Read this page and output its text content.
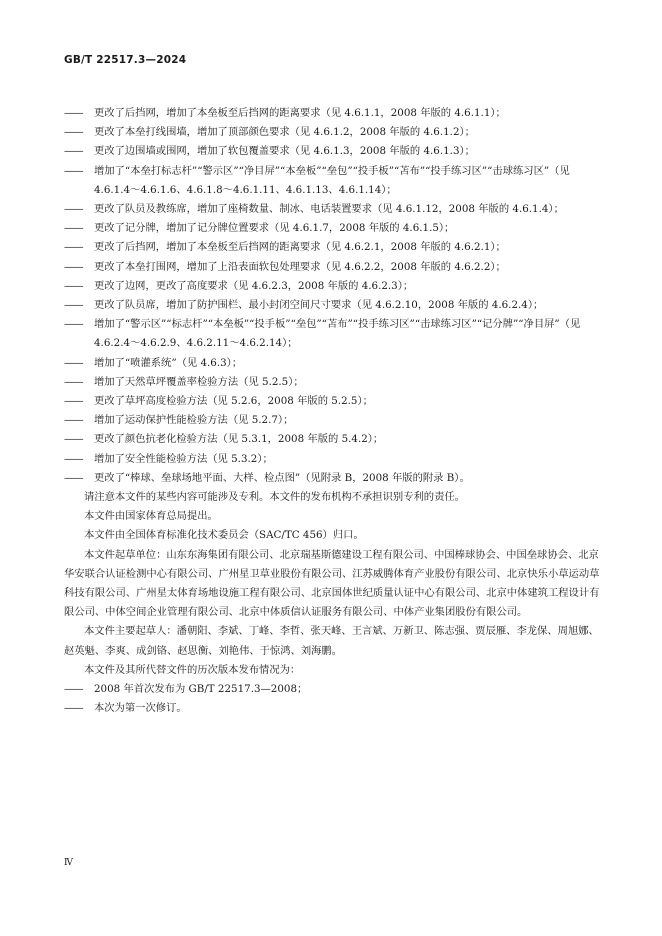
GB/T 22517.3—2024
——	更改了后挡网，增加了本垒板至后挡网的距离要求（见 4.6.1.1，2008 年版的 4.6.1.1）；
——	更改了本垒打线围墙，增加了顶部颜色要求（见 4.6.1.2，2008 年版的 4.6.1.2）；
——	更改了边围墙或围网，增加了软包覆盖要求（见 4.6.1.3，2008 年版的 4.6.1.3）；
——	增加了“本垒打标志杆”“警示区”“净目屏”“本垒板”“垒包”“投手板”“苫布”“投手练习区”“击球练习区”（见 4.6.1.4～4.6.1.6、4.6.1.8～4.6.1.11、4.6.1.13、4.6.1.14）；
——	更改了队员及教练席，增加了座椅数量、制冰、电话装置要求（见 4.6.1.12，2008 年版的 4.6.1.4）；
——	更改了记分牌，增加了记分牌位置要求（见 4.6.1.7，2008 年版的 4.6.1.5）；
——	更改了后挡网，增加了本垒板至后挡网的距离要求（见 4.6.2.1，2008 年版的 4.6.2.1）；
——	更改了本垒打围网，增加了上沿表面软包处理要求（见 4.6.2.2，2008 年版的 4.6.2.2）；
——	更改了边网，更改了高度要求（见 4.6.2.3，2008 年版的 4.6.2.3）；
——	更改了队员席，增加了防护围栏、最小封闭空间尺寸要求（见 4.6.2.10，2008 年版的 4.6.2.4）；
——	增加了“警示区”“标志杆”“本垒板”“投手板”“垒包”“苫布”“投手练习区”“击球练习区”“记分牌”“净目屏”（见 4.6.2.4～4.6.2.9、4.6.2.11～4.6.2.14）；
——	增加了“喷灌系统”（见 4.6.3）；
——	增加了天然草坪覆盖率检验方法（见 5.2.5）；
——	更改了草坪高度检验方法（见 5.2.6，2008 年版的 5.2.5）；
——	增加了运动保护性能检验方法（见 5.2.7）；
——	更改了颜色抗老化检验方法（见 5.3.1，2008 年版的 5.4.2）；
——	增加了安全性能检验方法（见 5.3.2）；
——	更改了“棒球、垒球场地平面、大样、检点图”（见附录 B，2008 年版的附录 B）。
请注意本文件的某些内容可能涉及专利。本文件的发布机构不承担识别专利的责任。
本文件由国家体育总局提出。
本文件由全国体育标准化技术委员会（SAC/TC 456）归口。
本文件起草单位：山东东海集团有限公司、北京瑞基斯德建设工程有限公司、中国棒球协会、中国垒球协会、北京华安联合认证检测中心有限公司、广州星卫草业股份有限公司、江苏威腾体育产业股份有限公司、北京快乐小草运动草科技有限公司、广州星太体育场地设施工程有限公司、北京国体世纪质量认证中心有限公司、北京中体建筑工程设计有限公司、中体空间企业管理有限公司、北京中体质信认证服务有限公司、中体产业集团股份有限公司。
本文件主要起草人：潘朝阳、李斌、丁峰、李哲、张天峰、王言斌、万新卫、陈志强、贾辰雁、李龙保、周旭娜、赵英魁、李爽、成剑铬、赵思衡、刘艳伟、于惊鸿、刘海鹏。
本文件及其所代替文件的历次版本发布情况为：
——	2008 年首次发布为 GB/T 22517.3—2008；
——	本次为第一次修订。
Ⅳ
